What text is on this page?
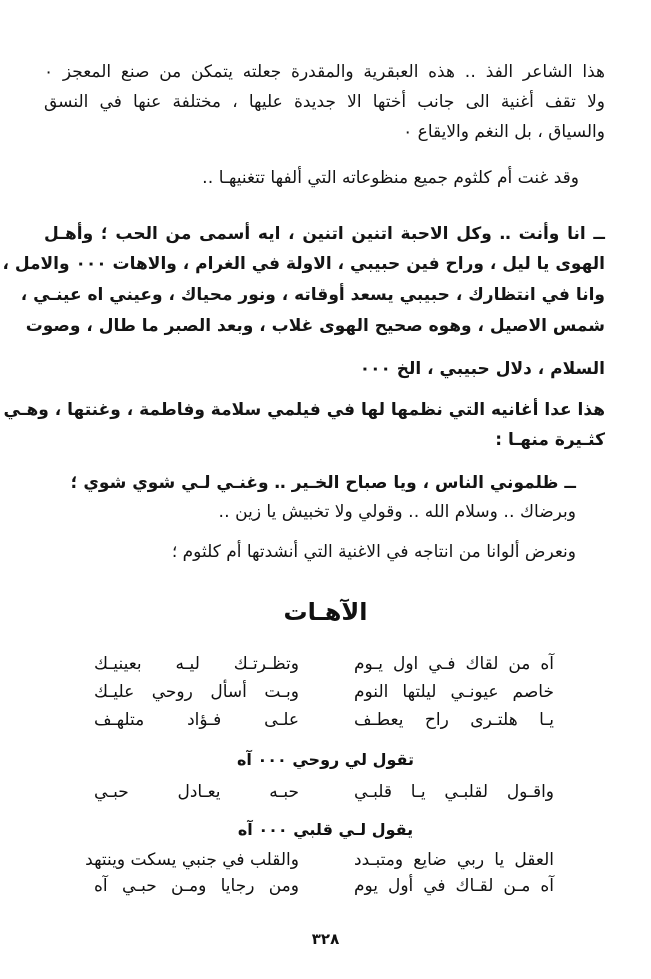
هذا الشاعر الفذ ‥ هذه العبقرية والمقدرة جعلته يتمكن من صنع المعجز ٠
ولا تقف أغنية الى جانب أختها الا جديدة عليها ، مختلفة عنها في النسق
والسياق ، بل النغم والايقاع ٠
وقد غنت أم كلثوم جميع منظوعاته التي ألفها تتغنيهـا ‥
ــ انا وأنت ‥ وكل الاحبة اتنين اتنين ، ايه أسمى من الحب ؛ وأهـل
الهوى يا ليل ، وراح فين حبيبي ، الاولة في الغرام ، والاهات ٠٠٠ والامل ،
وانا في انتظارك ، حبيبي يسعد أوقاته ، ونور محياك ، وعيني اه عينـي ،
شمس الاصيل ، وهوه صحيح الهوى غلاب ، وبعد الصبر ما طال ، وصوت
السلام ، دلال حبيبي ، الخ ٠٠٠
هذا عدا أغانيه التي نظمها لها في فيلمي سلامة وفاطمة ، وغنتها ، وهـي
كثـيرة منهـا :
ــ ظلموني الناس ، ويا صباح الخـير ‥ وغنـي لـي شوي شوي ؛
وبرضاك ‥ وسلام الله ‥ وقولي ولا تخبيش يا زين ‥
ونعرض ألوانا من انتاجه في الاغنية التي أنشدتها أم كلثوم ؛
الآهـات
آه من لقاك فـي اول يـوم
وتظـرتـك ليـه بعينيـك
خاصم عيونـي ليلتها النوم
وبـت أسأل روحي عليـك
يـا هلتـرى راح يعطـف
علـى فـؤاد متلهـف
تقول لي روحي ٠٠٠ آه
واقـول لقلبـي يـا قلبـي
حبـه يعـادل حبـي
يقول لـي قلبي ٠٠٠ آه
العقل يا ربي ضايع ومتبـدد
والقلب في جنبي يسكت وينتهد
آه مـن لقـاك في أول يوم
ومن رجايا ومـن حبـي آه
٣٢٨
